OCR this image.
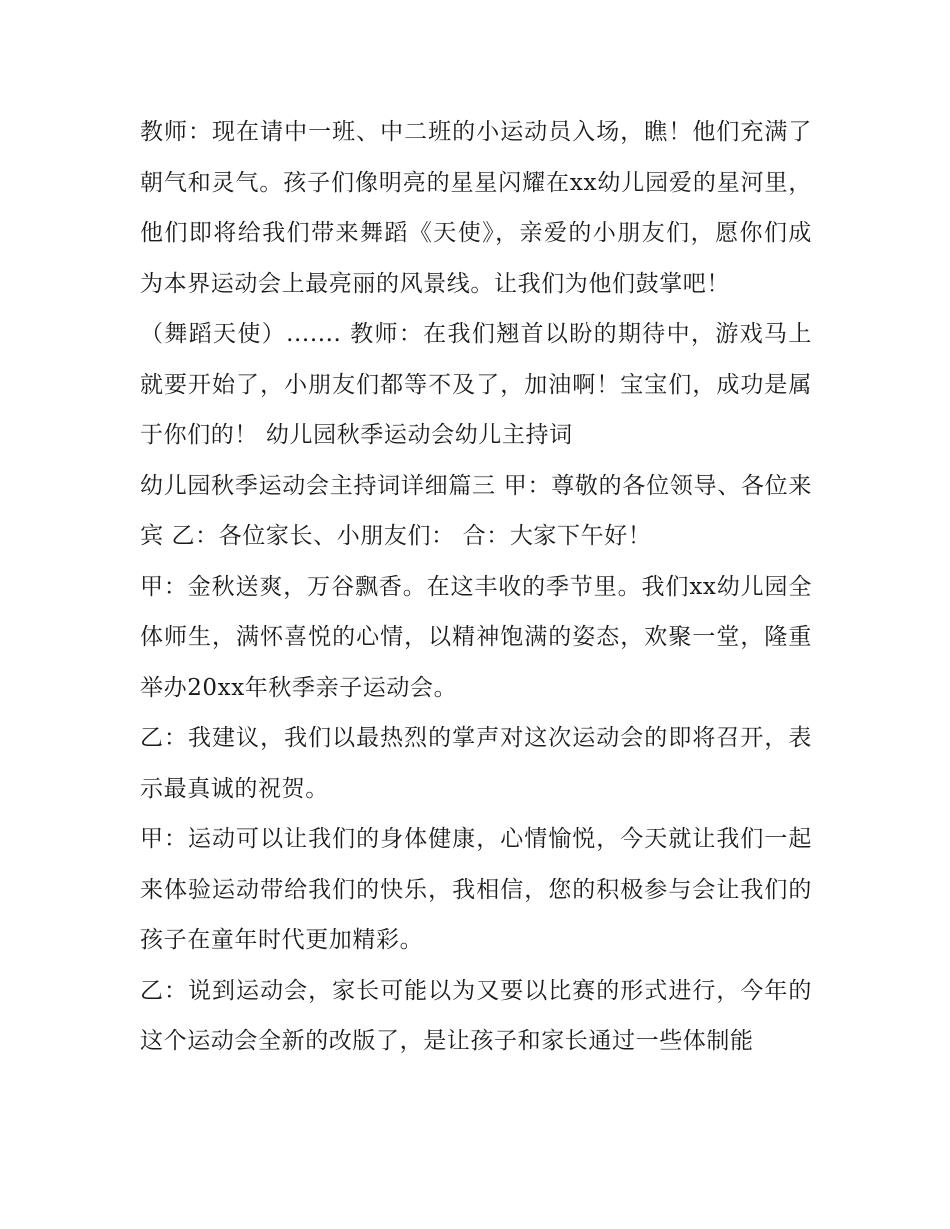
教师：现在请中一班、中二班的小运动员入场，瞧！他们充满了朝气和灵气。孩子们像明亮的星星闪耀在xx幼儿园爱的星河里，他们即将给我们带来舞蹈《天使》，亲爱的小朋友们，愿你们成为本界运动会上最亮丽的风景线。让我们为他们鼓掌吧！

（舞蹈天使）....... 教师：在我们翘首以盼的期待中，游戏马上就要开始了，小朋友们都等不及了，加油啊！宝宝们，成功是属于你们的！ 幼儿园秋季运动会幼儿主持词

幼儿园秋季运动会主持词详细篇三 甲：尊敬的各位领导、各位来宾 乙：各位家长、小朋友们： 合：大家下午好！

甲：金秋送爽，万谷飘香。在这丰收的季节里。我们xx幼儿园全体师生，满怀喜悦的心情，以精神饱满的姿态，欢聚一堂，隆重举办20xx年秋季亲子运动会。

乙：我建议，我们以最热烈的掌声对这次运动会的即将召开，表示最真诚的祝贺。

甲：运动可以让我们的身体健康，心情愉悦，今天就让我们一起来体验运动带给我们的快乐，我相信，您的积极参与会让我们的孩子在童年时代更加精彩。

乙：说到运动会，家长可能以为又要以比赛的形式进行，今年的这个运动会全新的改版了，是让孩子和家长通过一些体制能
